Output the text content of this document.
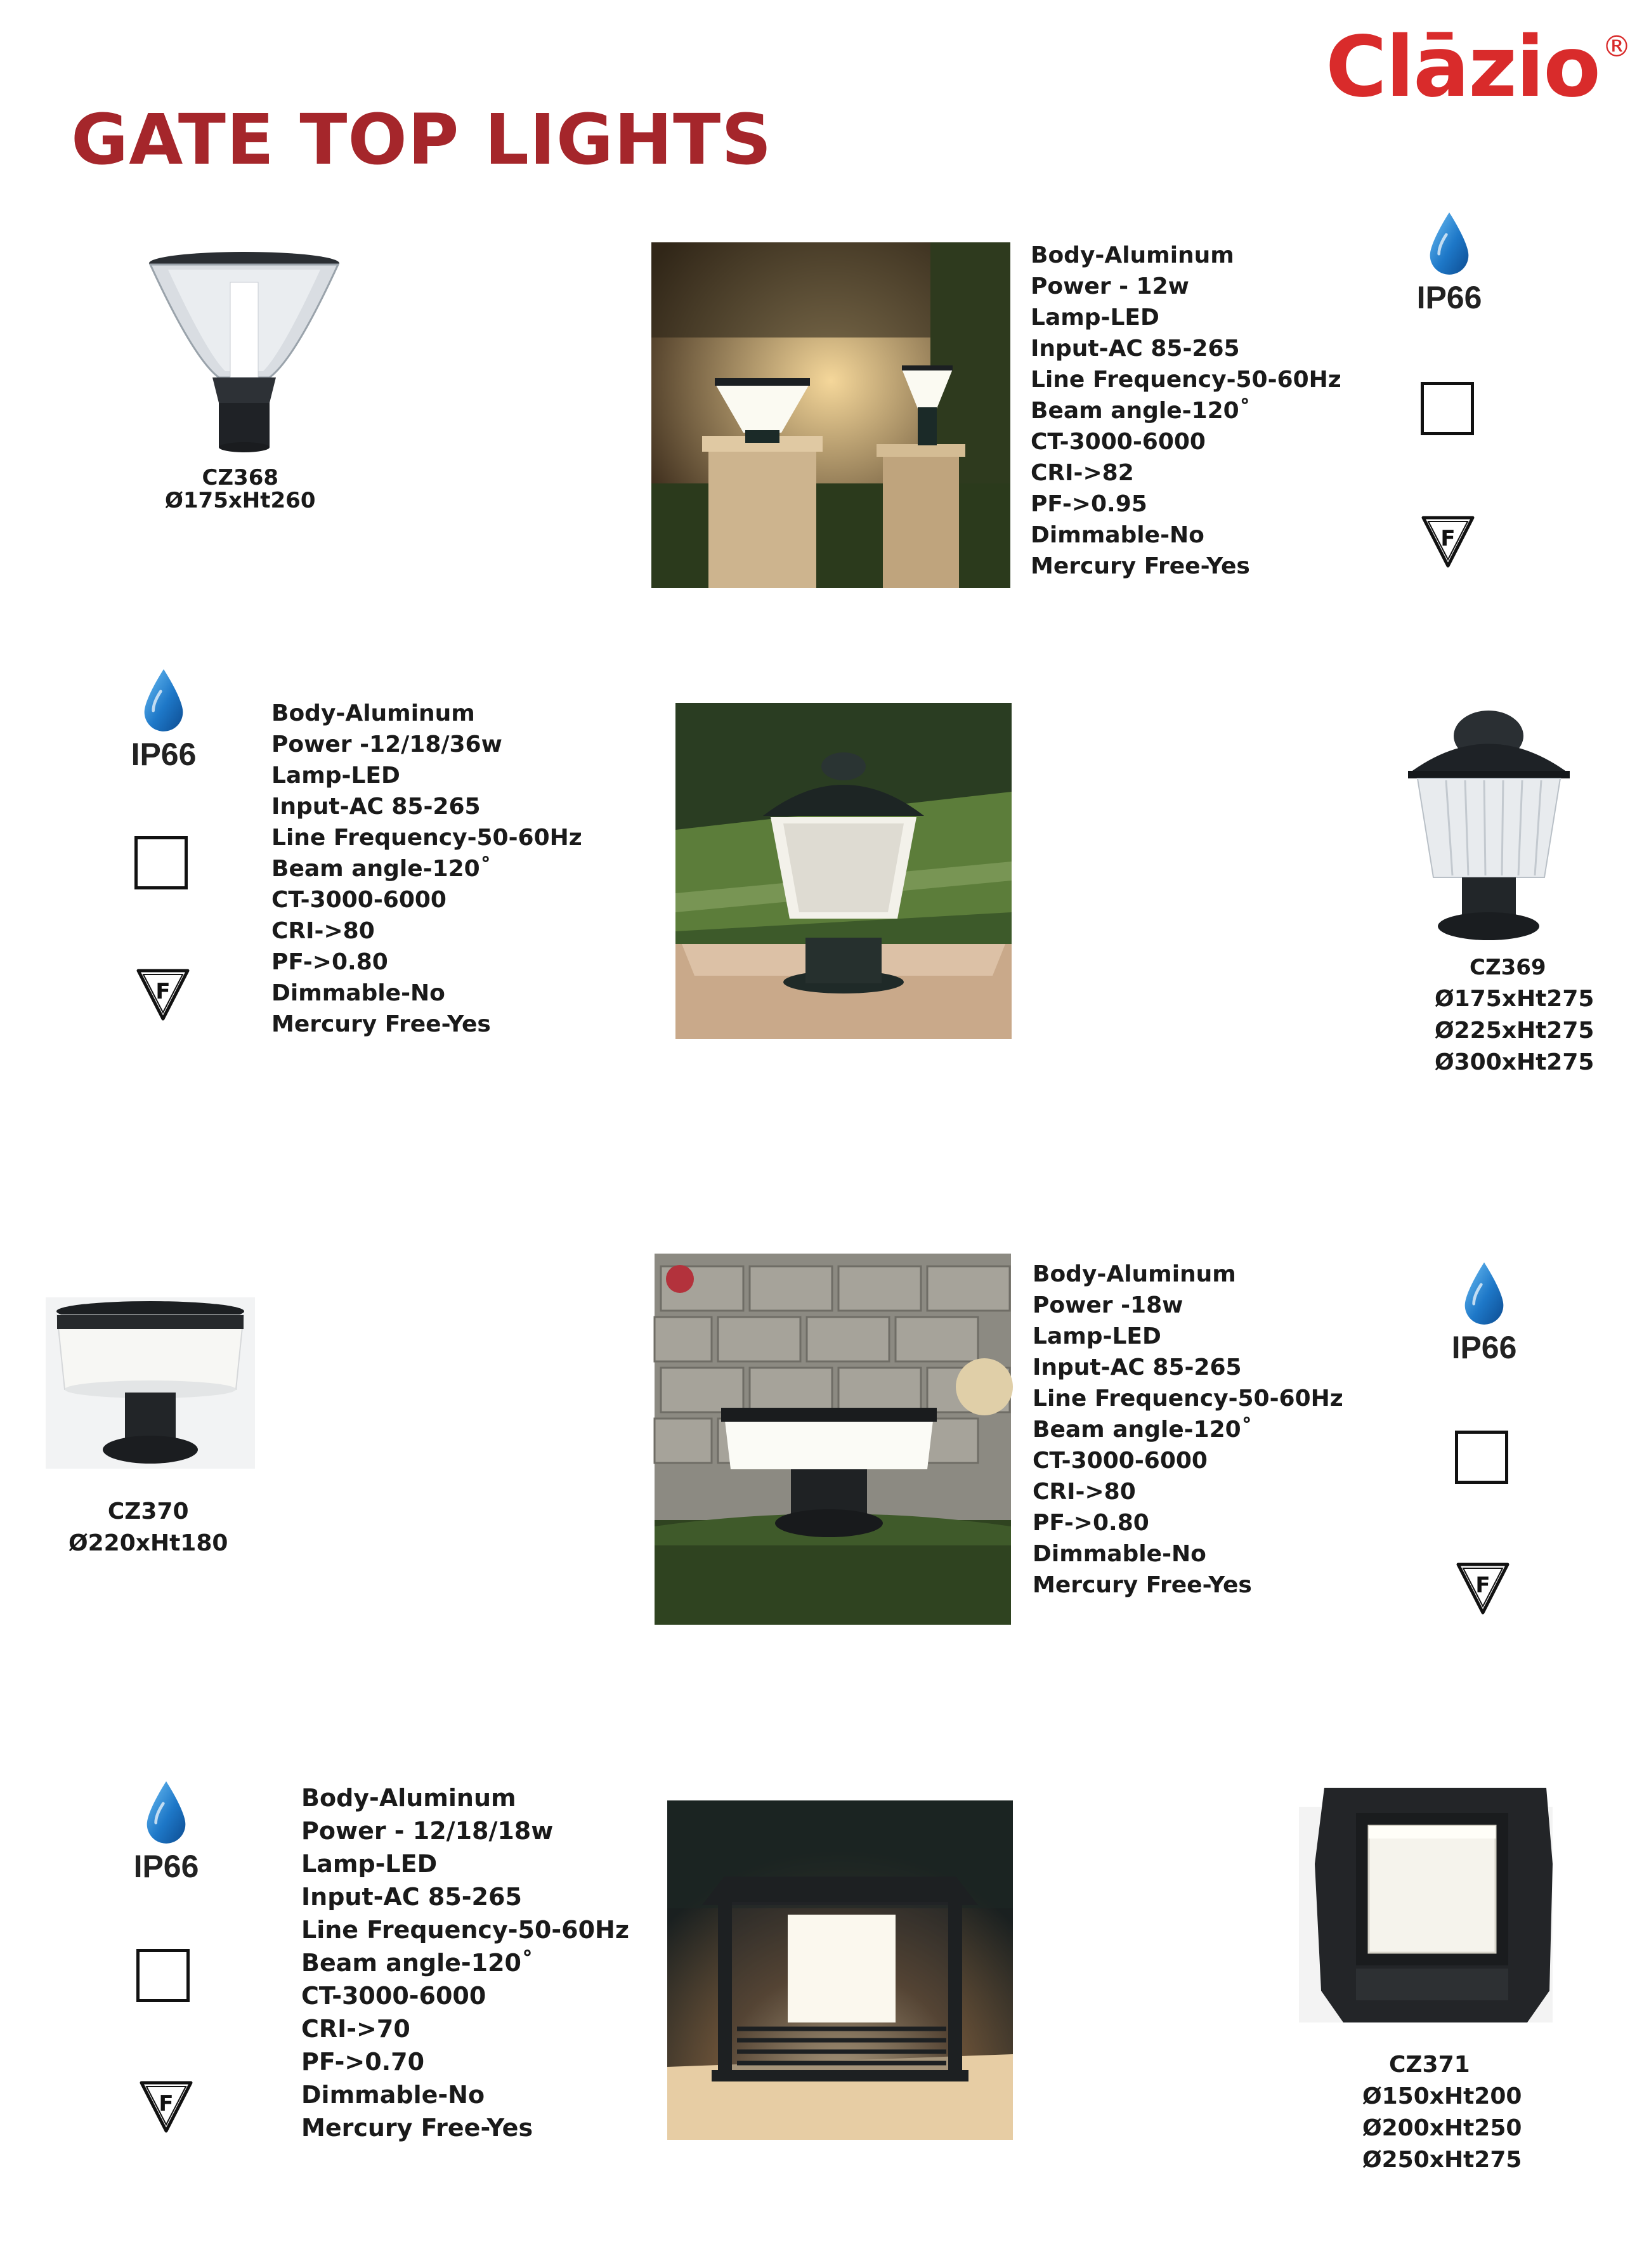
Clāzio®
GATE TOP LIGHTS
CZ368
Ø175xHt260
Body-Aluminum
Power - 12w
Lamp-LED
Input-AC 85-265
Line Frequency-50-60Hz
Beam angle-120˚
CT-3000-6000
CRI->82
PF->0.95
Dimmable-No
Mercury Free-Yes
IP66
IP66
Body-Aluminum
Power -12/18/36w
Lamp-LED
Input-AC 85-265
Line Frequency-50-60Hz
Beam angle-120˚
CT-3000-6000
CRI->80
PF->0.80
Dimmable-No
Mercury Free-Yes
CZ369
Ø175xHt275
Ø225xHt275
Ø300xHt275
CZ370
Ø220xHt180
Body-Aluminum
Power -18w
Lamp-LED
Input-AC 85-265
Line Frequency-50-60Hz
Beam angle-120˚
CT-3000-6000
CRI->80
PF->0.80
Dimmable-No
Mercury Free-Yes
IP66
IP66
Body-Aluminum
Power - 12/18/18w
Lamp-LED
Input-AC 85-265
Line Frequency-50-60Hz
Beam angle-120˚
CT-3000-6000
CRI->70
PF->0.70
Dimmable-No
Mercury Free-Yes
CZ371
Ø150xHt200
Ø200xHt250
Ø250xHt275
